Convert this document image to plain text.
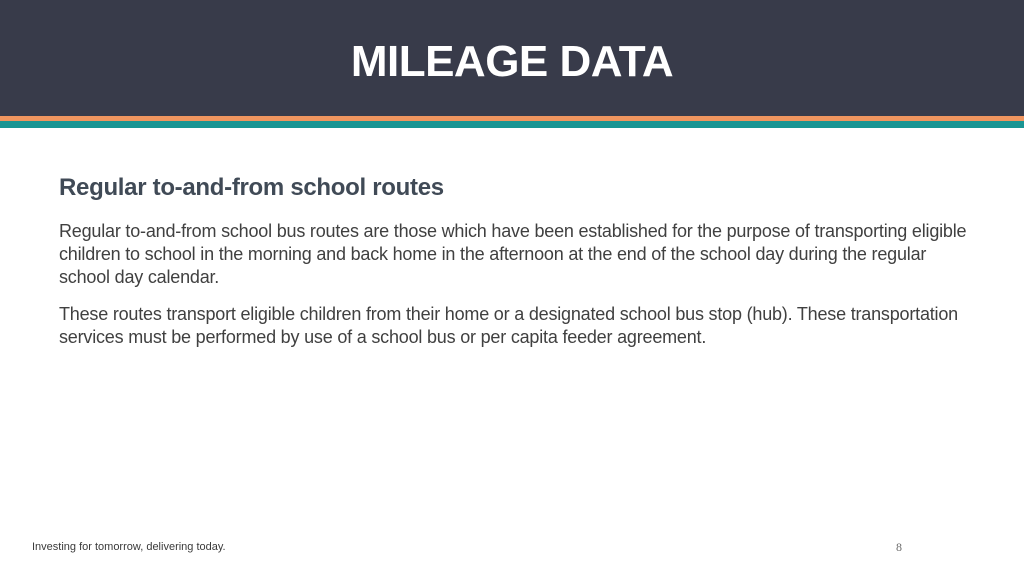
MILEAGE DATA
Regular to-and-from school routes

Regular to-and-from school bus routes are those which have been established for the purpose of transporting eligible children to school in the morning and back home in the afternoon at the end of the school day during the regular school day calendar.

These routes transport eligible children from their home or a designated school bus stop (hub). These transportation services must be performed by use of a school bus or per capita feeder agreement.

Investing for tomorrow, delivering today.	8
